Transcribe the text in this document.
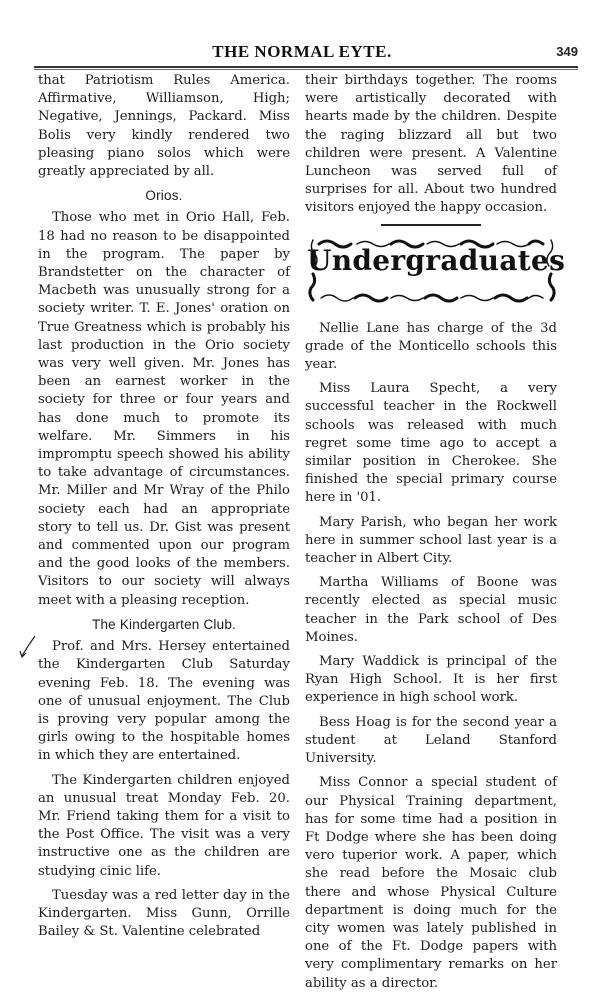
THE NORMAL EYTE.	349

that Patriotism Rules America. Affirmative, Williamson, High; Negative, Jennings, Packard. Miss Bolis very kindly rendered two pleasing piano solos which were greatly appreciated by all.

Orios.

Those who met in Orio Hall, Feb. 18 had no reason to be disappointed in the program. The paper by Brandstetter on the character of Macbeth was unusually strong for a society writer. T. E. Jones' oration on True Greatness which is probably his last production in the Orio society was very well given. Mr. Jones has been an earnest worker in the society for three or four years and has done much to promote its welfare. Mr. Simmers in his impromptu speech showed his ability to take advantage of circumstances. Mr. Miller and Mr Wray of the Philo society each had an appropriate story to tell us. Dr. Gist was present and commented upon our program and the good looks of the members. Visitors to our society will always meet with a pleasing reception.

The Kindergarten Club.

Prof. and Mrs. Hersey entertained the Kindergarten Club Saturday evening Feb. 18. The evening was one of unusual enjoyment. The Club is proving very popular among the girls owing to the hospitable homes in which they are entertained.

The Kindergarten children enjoyed an unusual treat Monday Feb. 20. Mr. Friend taking them for a visit to the Post Office. The visit was a very instructive one as the children are studying cinic life.

Tuesday was a red letter day in the Kindergarten. Miss Gunn, Orrille Bailey & St. Valentine celebrated

their birthdays together. The rooms were artistically decorated with hearts made by the children. Despite the raging blizzard all but two children were present. A Valentine Luncheon was served full of surprises for all. About two hundred visitors enjoyed the happy occasion.

Undergraduates

Nellie Lane has charge of the 3d grade of the Monticello schools this year.

Miss Laura Specht, a very successful teacher in the Rockwell schools was released with much regret some time ago to accept a similar position in Cherokee. She finished the special primary course here in '01.

Mary Parish, who began her work here in summer school last year is a teacher in Albert City.

Martha Williams of Boone was recently elected as special music teacher in the Park school of Des Moines.

Mary Waddick is principal of the Ryan High School. It is her first experience in high school work.

Bess Hoag is for the second year a student at Leland Stanford University.

Miss Connor a special student of our Physical Training department, has for some time had a position in Ft Dodge where she has been doing vero tuperior work. A paper, which she read before the Mosaic club there and whose Physical Culture department is doing much for the city women was lately published in one of the Ft. Dodge papers with very complimentary remarks on her ability as a director.
